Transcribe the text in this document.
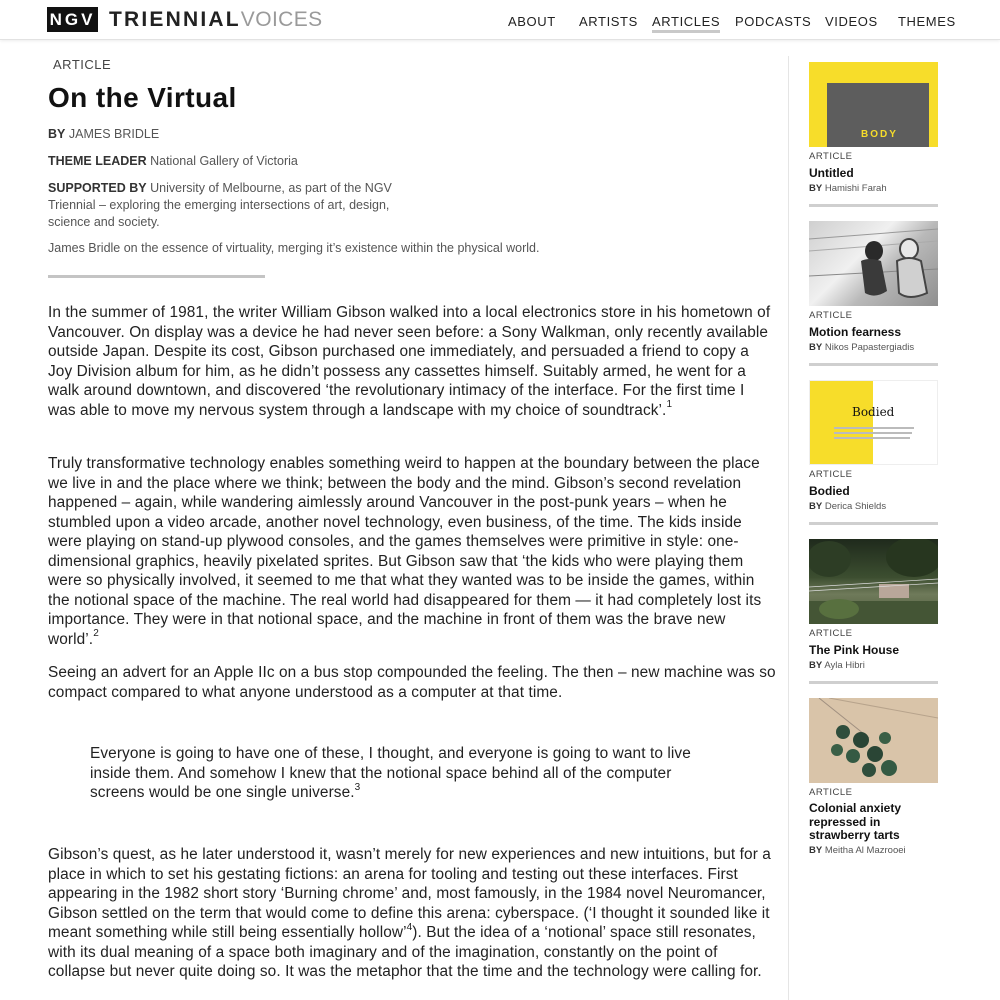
NGV TRIENNIAL VOICES	ABOUT ARTISTS ARTICLES PODCASTS VIDEOS THEMES
ARTICLE
On the Virtual
BY JAMES BRIDLE
THEME LEADER National Gallery of Victoria
SUPPORTED BY University of Melbourne, as part of the NGV Triennial – exploring the emerging intersections of art, design, science and society.
James Bridle on the essence of virtuality, merging it’s existence within the physical world.

In the summer of 1981, the writer William Gibson walked into a local electronics store in his hometown of Vancouver. On display was a device he had never seen before: a Sony Walkman, only recently available outside Japan. Despite its cost, Gibson purchased one immediately, and persuaded a friend to copy a Joy Division album for him, as he didn’t possess any cassettes himself. Suitably armed, he went for a walk around downtown, and discovered ‘the revolutionary intimacy of the interface. For the first time I was able to move my nervous system through a landscape with my choice of soundtrack’.$^1$

Truly transformative technology enables something weird to happen at the boundary between the place we live in and the place where we think; between the body and the mind. Gibson’s second revelation happened – again, while wandering aimlessly around Vancouver in the post-punk years – when he stumbled upon a video arcade, another novel technology, even business, of the time. The kids inside were playing on stand-up plywood consoles, and the games themselves were primitive in style: one-dimensional graphics, heavily pixelated sprites. But Gibson saw that ‘the kids who were playing them were so physically involved, it seemed to me that what they wanted was to be inside the games, within the notional space of the machine. The real world had disappeared for them — it had completely lost its importance. They were in that notional space, and the machine in front of them was the brave new world’.$^2$

Seeing an advert for an Apple IIc on a bus stop compounded the feeling. The then – new machine was so compact compared to what anyone understood as a computer at that time.

Everyone is going to have one of these, I thought, and everyone is going to want to live inside them. And somehow I knew that the notional space behind all of the computer screens would be one single universe.$^3$

Gibson’s quest, as he later understood it, wasn’t merely for new experiences and new intuitions, but for a place in which to set his gestating fictions: an arena for tooling and testing out these interfaces. First appearing in the 1982 short story ‘Burning chrome’ and, most famously, in the 1984 novel Neuromancer, Gibson settled on the term that would come to define this arena: cyberspace. (‘I thought it sounded like it meant something while still being essentially hollow’$^4$). But the idea of a ‘notional’ space still resonates, with its dual meaning of a space both imaginary and of the imagination, constantly on the point of collapse but never quite doing so. It was the metaphor that the time and the technology were calling for.

BODY
ARTICLE
Untitled
BY Hamishi Farah
ARTICLE
Motion fearness
BY Nikos Papastergiadis
Bodied
ARTICLE
Bodied
BY Derica Shields
ARTICLE
The Pink House
BY Ayla Hibri
ARTICLE
Colonial anxiety repressed in strawberry tarts
BY Meitha Al Mazrooei
